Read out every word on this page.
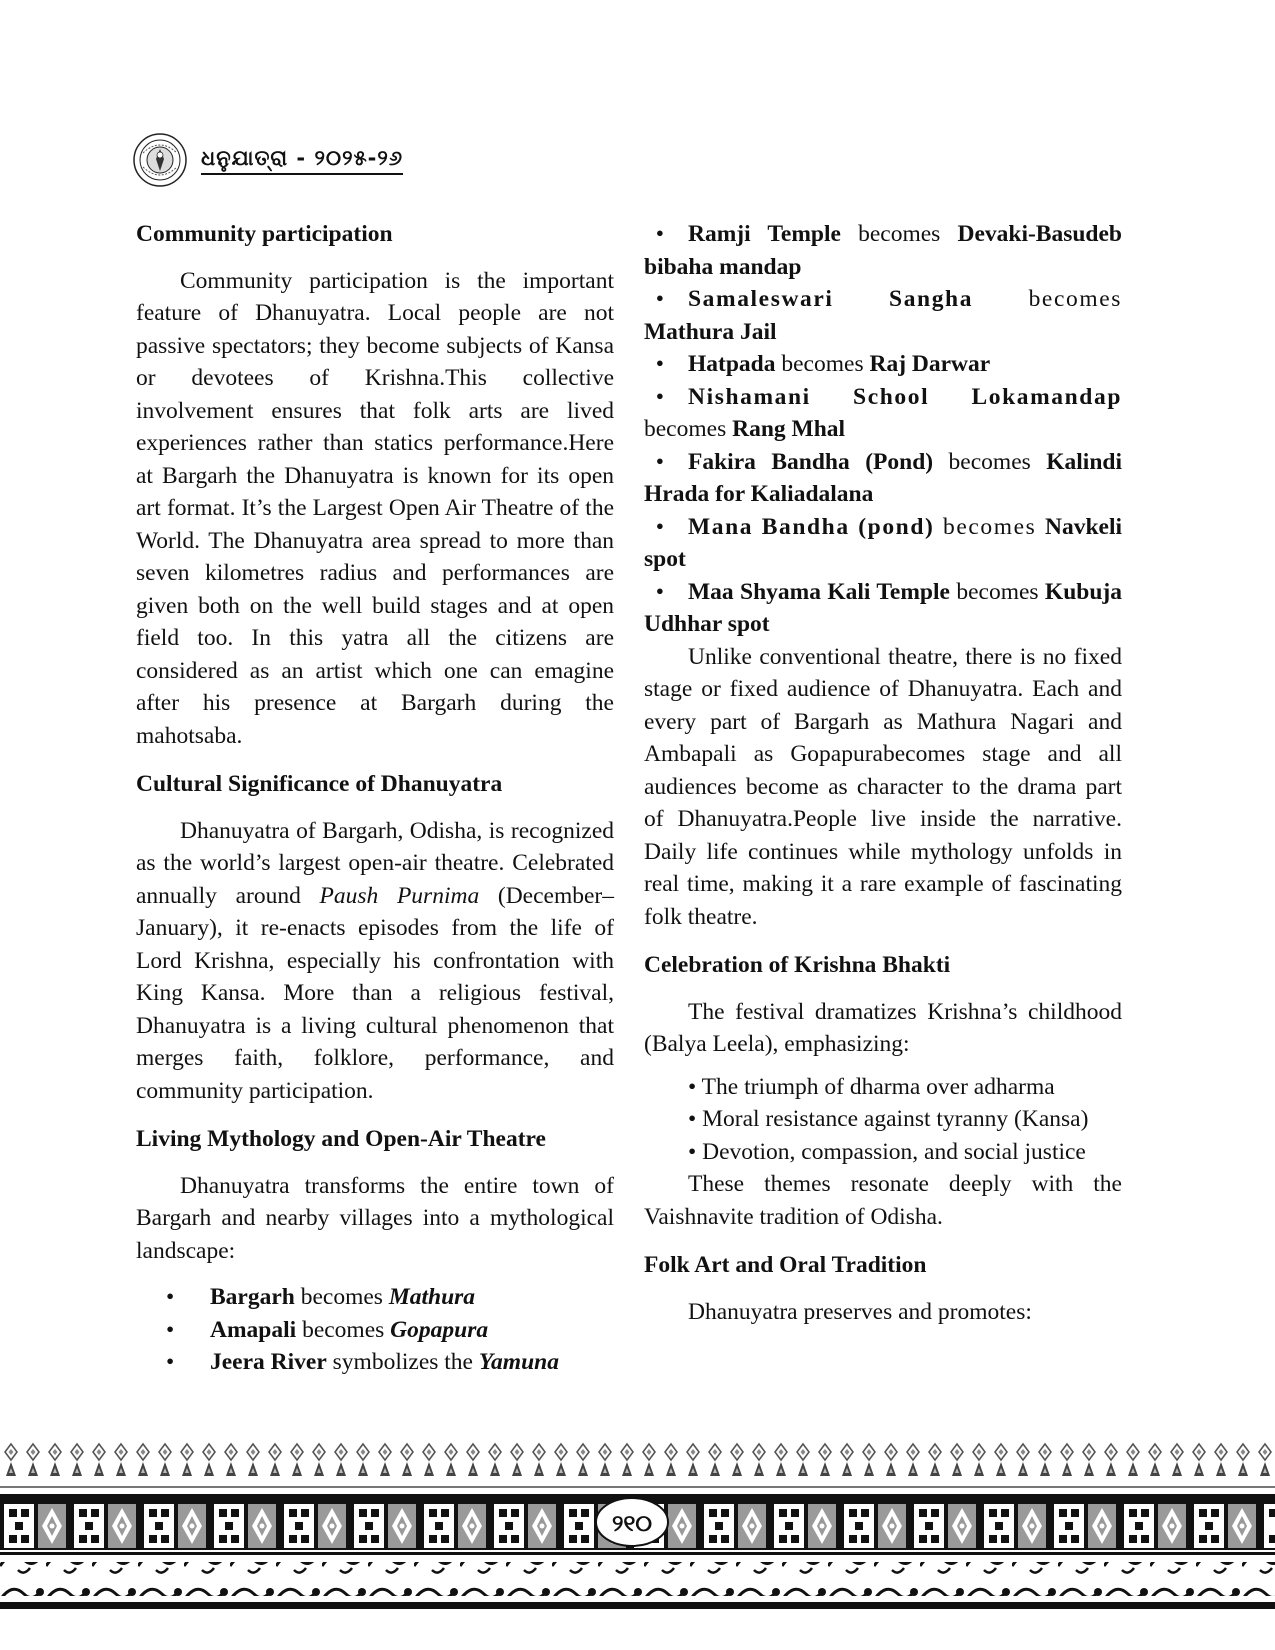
ଧନୁଯାତ୍ରା - ୨୦୨୫-୨୬
Community participation
Community participation is the important feature of Dhanuyatra. Local people are not passive spectators; they become subjects of Kansa or devotees of Krishna.This collective involvement ensures that folk arts are lived experiences rather than statics performance.Here at Bargarh the Dhanuyatra is known for its open art format. It’s the Largest Open Air Theatre of the World. The Dhanuyatra area spread to more than seven kilometres radius and performances are given both on the well build stages and at open field too. In this yatra all the citizens are considered as an artist which one can emagine after his presence at Bargarh during the mahotsaba.
Cultural Significance of Dhanuyatra
Dhanuyatra of Bargarh, Odisha, is recognized as the world’s largest open-air theatre. Celebrated annually around Paush Purnima (December–January), it re-enacts episodes from the life of Lord Krishna, especially his confrontation with King Kansa. More than a religious festival, Dhanuyatra is a living cultural phenomenon that merges faith, folklore, performance, and community participation.
Living Mythology and Open-Air Theatre
Dhanuyatra transforms the entire town of Bargarh and nearby villages into a mythological landscape:
• Bargarh becomes Mathura
• Amapali becomes Gopapura
• Jeera River symbolizes the Yamuna
• Ramji Temple becomes Devaki-Basudeb bibaha mandap
• Samaleswari Sangha becomes Mathura Jail
• Hatpada becomes Raj Darwar
• Nishamani School Lokamandap becomes Rang Mhal
• Fakira Bandha (Pond) becomes Kalindi Hrada for Kaliadalana
• Mana Bandha (pond) becomes Navkeli spot
• Maa Shyama Kali Temple becomes Kubuja Udhhar spot
Unlike conventional theatre, there is no fixed stage or fixed audience of Dhanuyatra. Each and every part of Bargarh as Mathura Nagari and Ambapali as Gopapurabecomes stage and all audiences become as character to the drama part of Dhanuyatra.People live inside the narrative. Daily life continues while mythology unfolds in real time, making it a rare example of fascinating folk theatre.
Celebration of Krishna Bhakti
The festival dramatizes Krishna’s childhood (Balya Leela), emphasizing:
• The triumph of dharma over adharma
• Moral resistance against tyranny (Kansa)
• Devotion, compassion, and social justice
These themes resonate deeply with the Vaishnavite tradition of Odisha.
Folk Art and Oral Tradition
Dhanuyatra preserves and promotes:
୨୧୦
